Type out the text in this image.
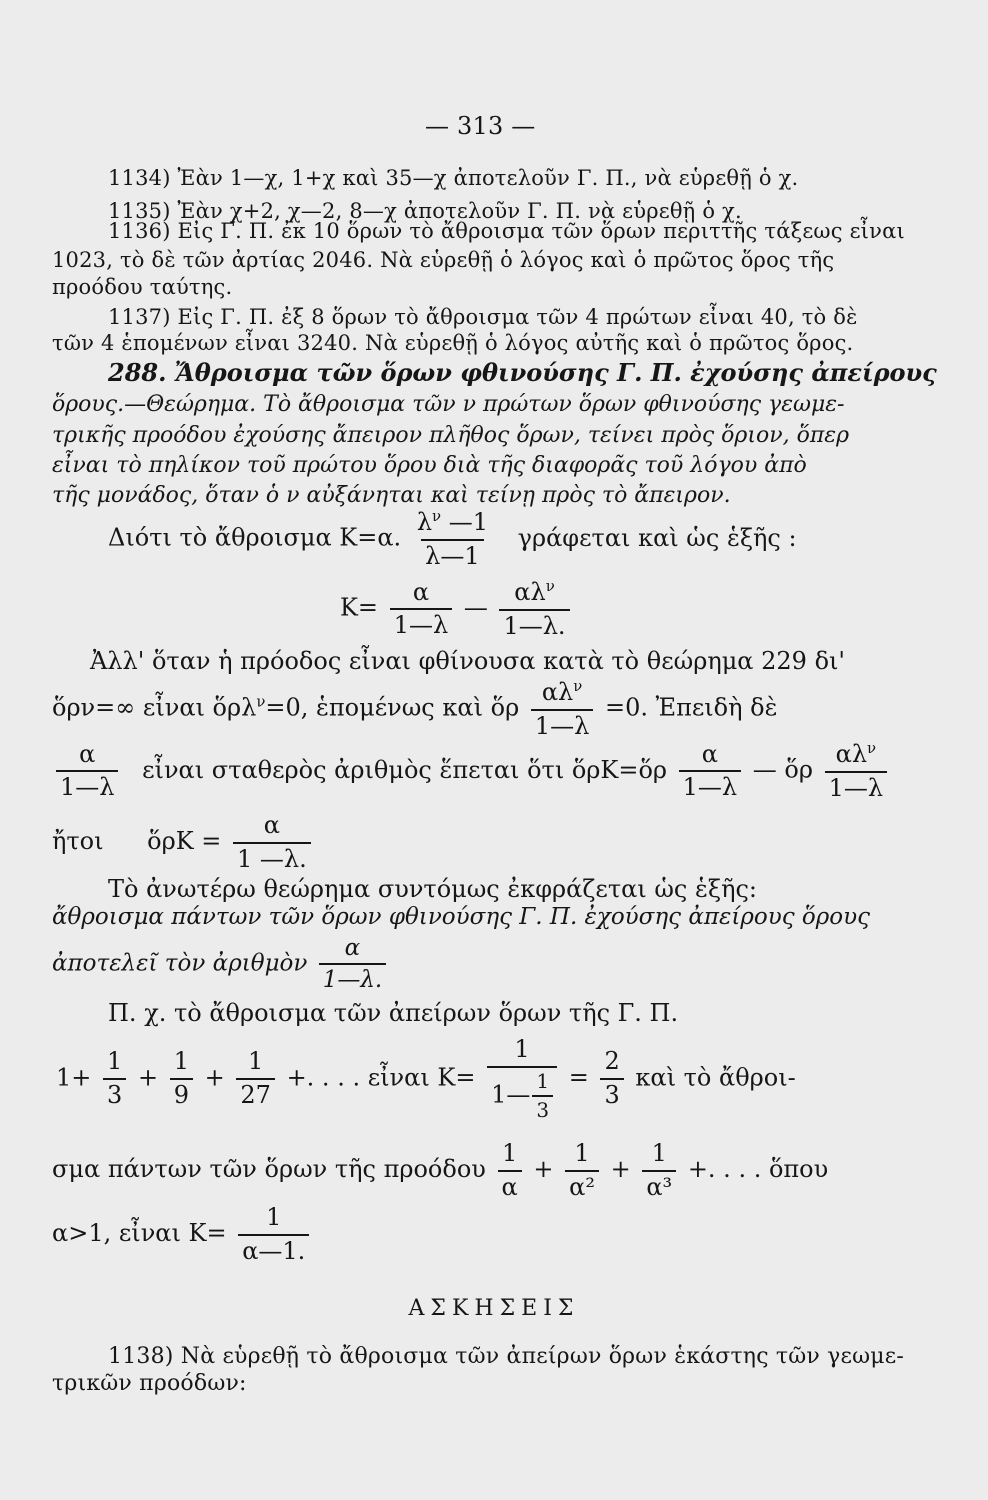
— 313 —
1134) Ἐὰν 1—χ, 1+χ καὶ 35—χ ἀποτελοῦν Γ. Π., νὰ εὑρεθῇ ὁ χ.
1135) Ἐὰν χ+2, χ—2, 8—χ ἀποτελοῦν Γ. Π. νὰ εὑρεθῇ ὁ χ.
1136) Εἰς Γ. Π. ἐκ 10 ὅρων τὸ ἄθροισμα τῶν ὅρων περιττῆς τάξεως εἶναι
1023, τὸ δὲ τῶν ἀρτίας 2046. Νὰ εὑρεθῇ ὁ λόγος καὶ ὁ πρῶτος ὅρος τῆς
προόδου ταύτης.
1137) Εἰς Γ. Π. ἐξ 8 ὅρων τὸ ἄθροισμα τῶν 4 πρώτων εἶναι 40, τὸ δὲ
τῶν 4 ἑπομένων εἶναι 3240. Νὰ εὑρεθῇ ὁ λόγος αὐτῆς καὶ ὁ πρῶτος ὅρος.
288. Ἄθροισμα τῶν ὅρων φθινούσης Γ. Π. ἐχούσης ἀπείρους
ὅρους.—Θεώρημα. Τὸ ἄθροισμα τῶν ν πρώτων ὅρων φθινούσης γεωμε-
τρικῆς προόδου ἐχούσης ἄπειρον πλῆθος ὅρων, τείνει πρὸς ὅριον, ὅπερ
εἶναι τὸ πηλίκον τοῦ πρώτου ὅρου διὰ τῆς διαφορᾶς τοῦ λόγου ἀπὸ
τῆς μονάδος, ὅταν ὁ ν αὐξάνηται καὶ τείνῃ πρὸς τὸ ἄπειρον.
Διότι τὸ ἄθροισμα Κ=α. $\frac{\lambda^\nu —1}{\lambda—1}$ γράφεται καὶ ὡς ἑξῆς :
$K= \frac{\alpha}{1—\lambda}$ — $\frac{\alpha\lambda^\nu}{1—\lambda.}$
Ἀλλ' ὅταν ἡ πρόοδος εἶναι φθίνουσα κατὰ τὸ θεώρημα 229 δι'
ὅρν=∞ εἶναι ὅρλ$^\nu$=0, ἑπομένως καὶ ὅρ $\frac{\alpha\lambda^\nu}{1—\lambda} =0$. Ἐπειδὴ δὲ
$\frac{\alpha}{1—\lambda}$ εἶναι σταθερὸς ἀριθμὸς ἕπεται ὅτι ὅρΚ=ὅρ $\frac{\alpha}{1—\lambda}$ — ὅρ $\frac{\alpha\lambda^\nu}{1—\lambda}$
ἤτοι ὅρΚ = $\frac{\alpha}{1 —\lambda.}$
Τὸ ἀνωτέρω θεώρημα συντόμως ἐκφράζεται ὡς ἑξῆς:
ἄθροισμα πάντων τῶν ὅρων φθινούσης Γ. Π. ἐχούσης ἀπείρους ὅρους
ἀποτελεῖ τὸν ἀριθμὸν $\frac{\alpha}{1—\lambda.}$
Π. χ. τὸ ἄθροισμα τῶν ἀπείρων ὅρων τῆς Γ. Π.
$1+ \frac{1}{3} + \frac{1}{9} + \frac{1}{27}$ +. . . . εἶναι $K= \frac{1}{1— \frac{1}{3}} = \frac{2}{3}$ καὶ τὸ ἄθροι-
σμα πάντων τῶν ὅρων τῆς προόδου $\frac{1}{\alpha} + \frac{1}{\text{α²}} + \frac{1}{\text{α³}}$ +. . . . ὅπου
α>1, εἶναι $K= \frac{1}{\alpha—1.}$
ΑΣΚΗΣΕΙΣ
1138) Νὰ εὑρεθῇ τὸ ἄθροισμα τῶν ἀπείρων ὅρων ἑκάστης τῶν γεωμε-
τρικῶν προόδων:
